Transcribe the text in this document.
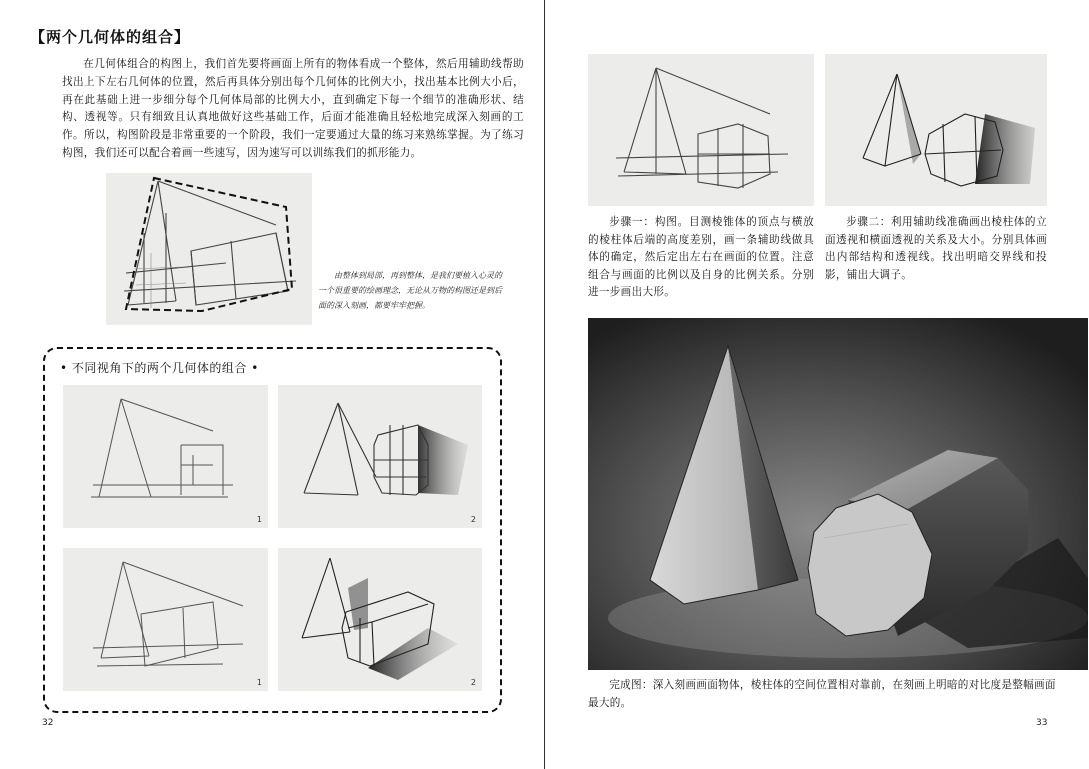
【两个几何体的组合】
在几何体组合的构图上，我们首先要将画面上所有的物体看成一个整体，然后用辅助线帮助找出上下左右几何体的位置，然后再具体分别出每个几何体的比例大小，找出基本比例大小后，再在此基础上进一步细分每个几何体局部的比例大小，直到确定下每一个细节的准确形状、结构、透视等。只有细致且认真地做好这些基础工作，后面才能准确且轻松地完成深入刻画的工作。所以，构图阶段是非常重要的一个阶段，我们一定要通过大量的练习来熟练掌握。为了练习构图，我们还可以配合着画一些速写，因为速写可以训练我们的抓形能力。
由整体到局部，再到整体，是我们要植入心灵的一个很重要的绘画理念，无论从万物的构图还是到后面的深入刻画，都要牢牢把握。
• 不同视角下的两个几何体的组合 •
1	2
1	2
32
步骤一：构图。目测棱锥体的顶点与横放的棱柱体后端的高度差别，画一条辅助线做具体的确定，然后定出左右在画面的位置。注意组合与画面的比例以及自身的比例关系。分别进一步画出大形。
步骤二：利用辅助线准确画出棱柱体的立面透视和横面透视的关系及大小。分别具体画出内部结构和透视线。找出明暗交界线和投影，铺出大调子。
完成图：深入刻画画面物体，棱柱体的空间位置相对靠前，在刻画上明暗的对比度是整幅画面最大的。
33
